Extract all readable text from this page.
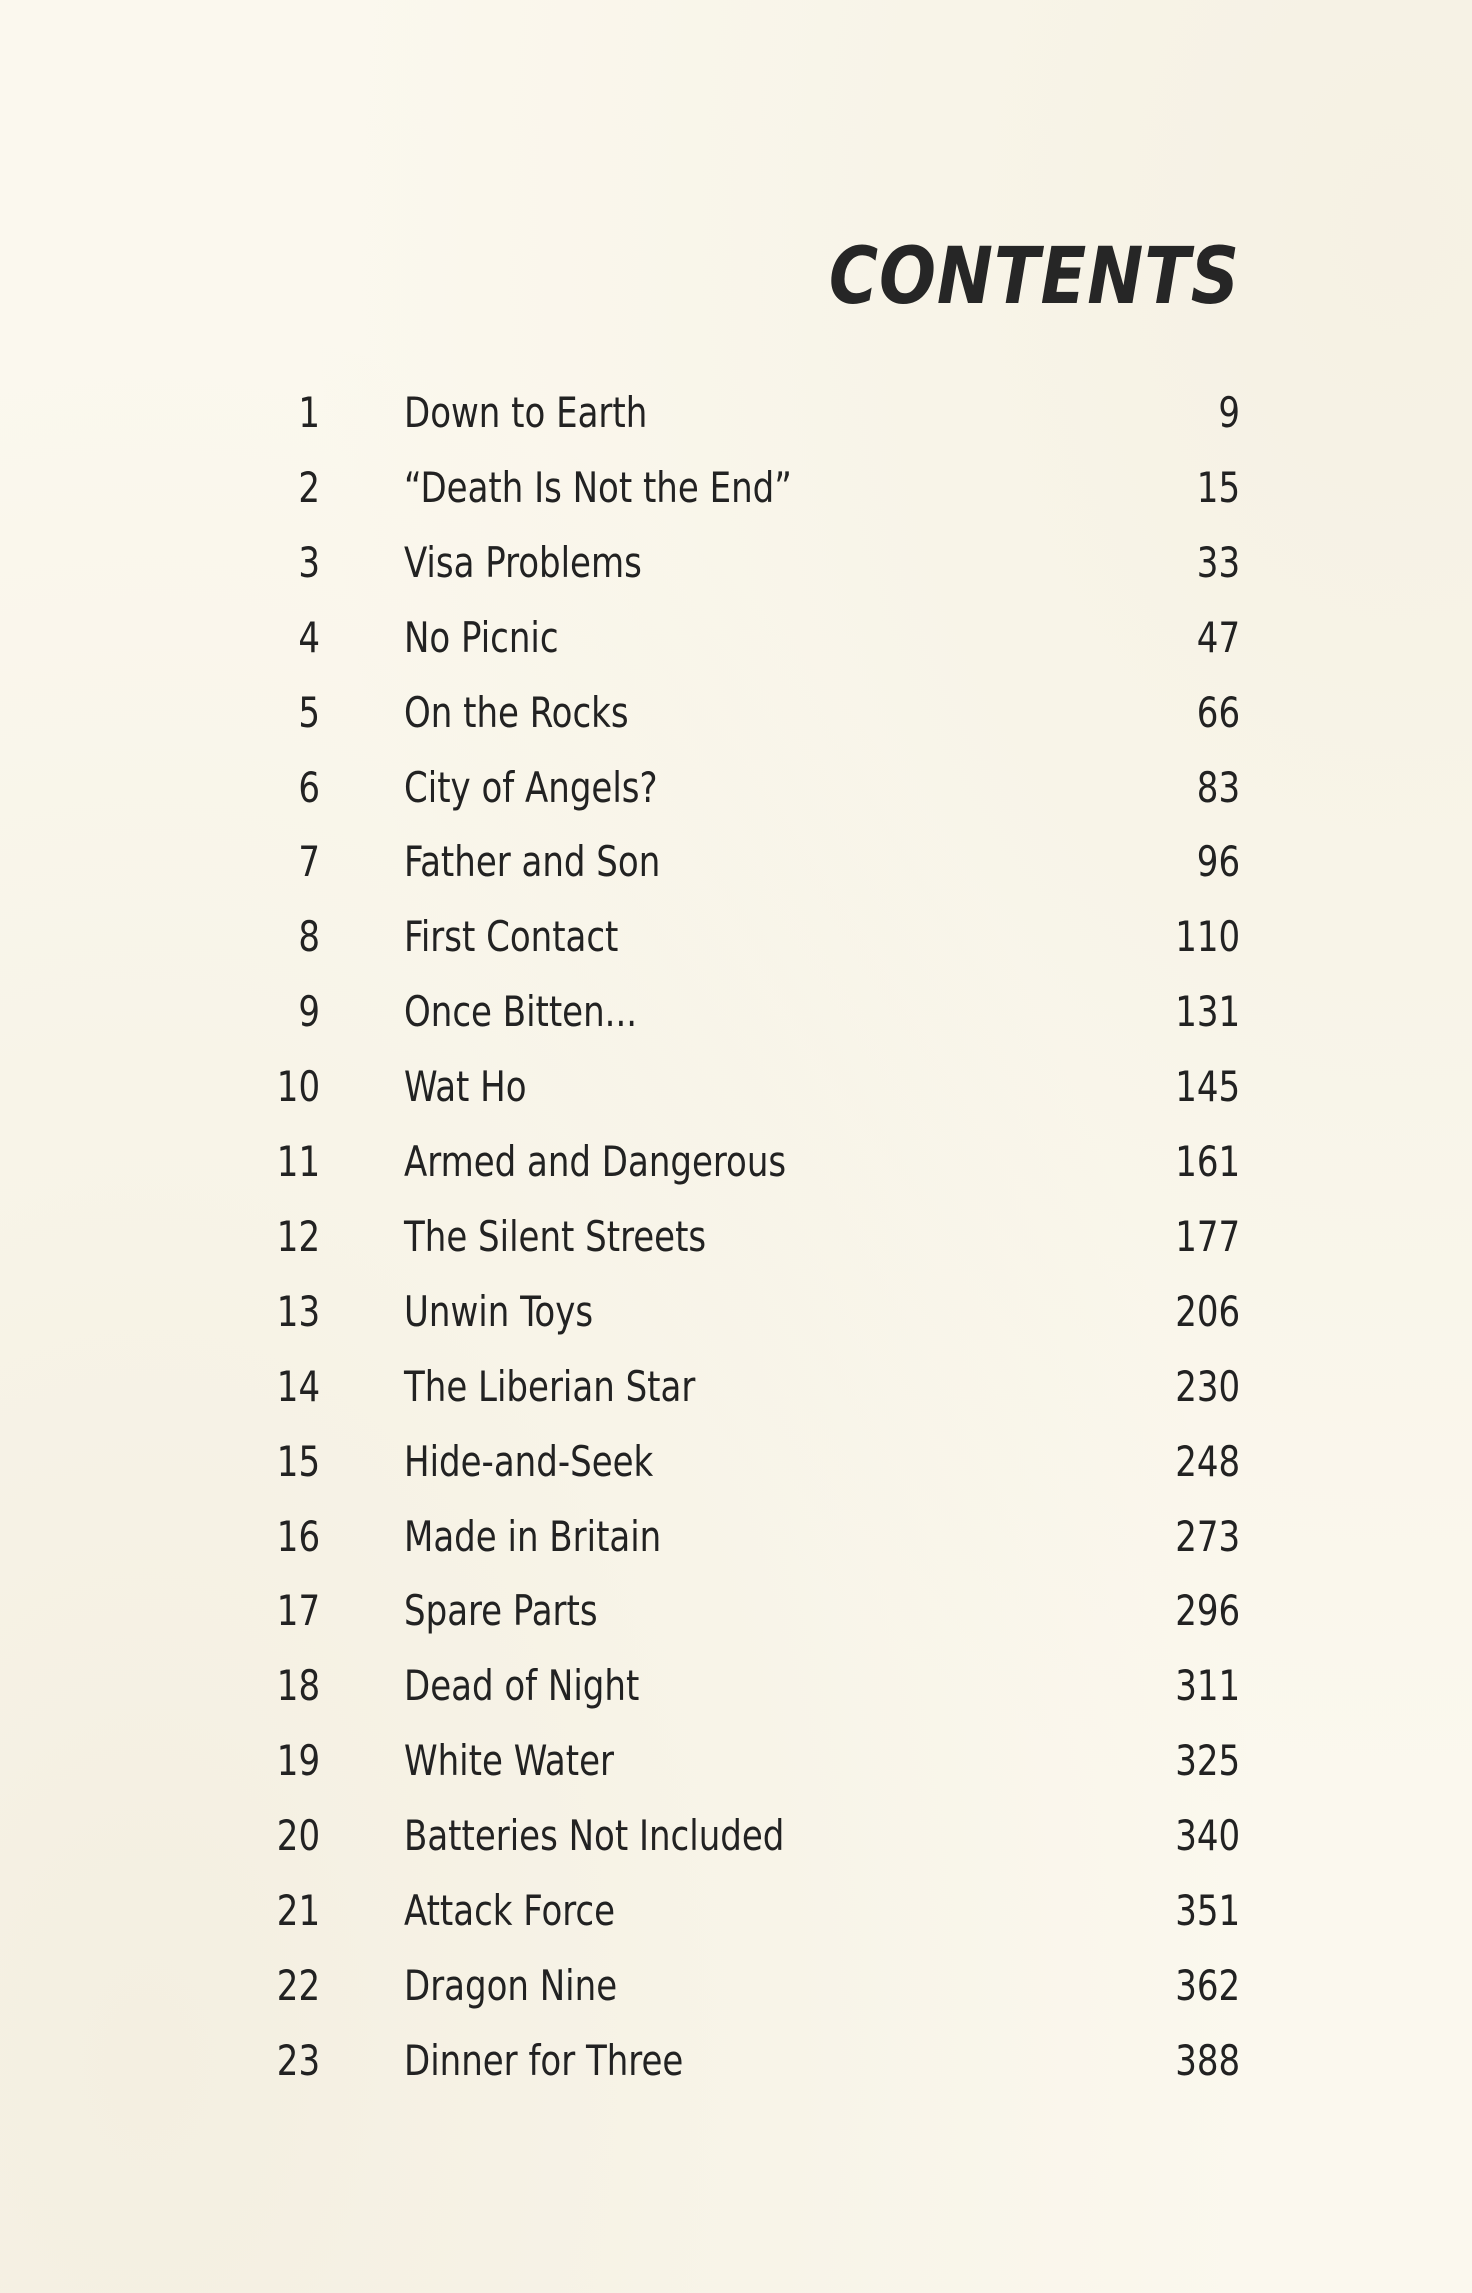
CONTENTS
1 Down to Earth	9
2 “Death Is Not the End”	15
3 Visa Problems	33
4 No Picnic	47
5 On the Rocks	66
6 City of Angels?	83
7 Father and Son	96
8 First Contact	110
9 Once Bitten...	131
10 Wat Ho	145
11 Armed and Dangerous	161
12 The Silent Streets	177
13 Unwin Toys	206
14 The Liberian Star	230
15 Hide-and-Seek	248
16 Made in Britain	273
17 Spare Parts	296
18 Dead of Night	311
19 White Water	325
20 Batteries Not Included	340
21 Attack Force	351
22 Dragon Nine	362
23 Dinner for Three	388
